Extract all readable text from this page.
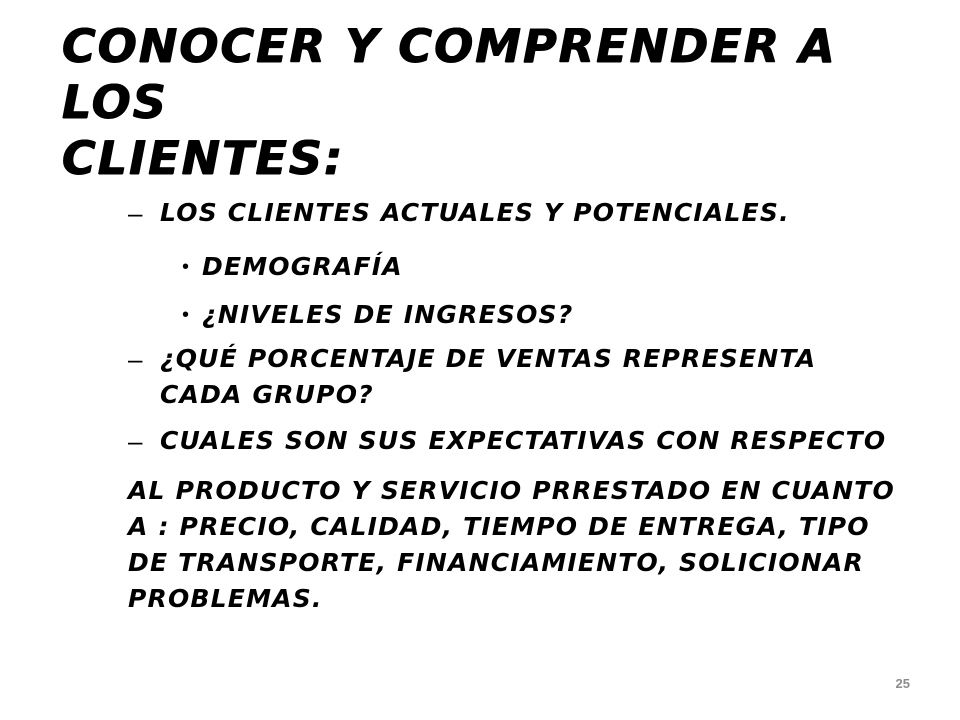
CONOCER Y COMPRENDER A LOS
CLIENTES:
– LOS CLIENTES ACTUALES Y POTENCIALES.
• DEMOGRAFÍA
• ¿NIVELES DE INGRESOS?
– ¿QUÉ PORCENTAJE DE VENTAS REPRESENTA
CADA GRUPO?
– CUALES SON SUS EXPECTATIVAS CON RESPECTO
AL PRODUCTO Y SERVICIO PRRESTADO EN CUANTO
A : PRECIO, CALIDAD, TIEMPO DE ENTREGA, TIPO
DE TRANSPORTE, FINANCIAMIENTO, SOLICIONAR
PROBLEMAS.
25
